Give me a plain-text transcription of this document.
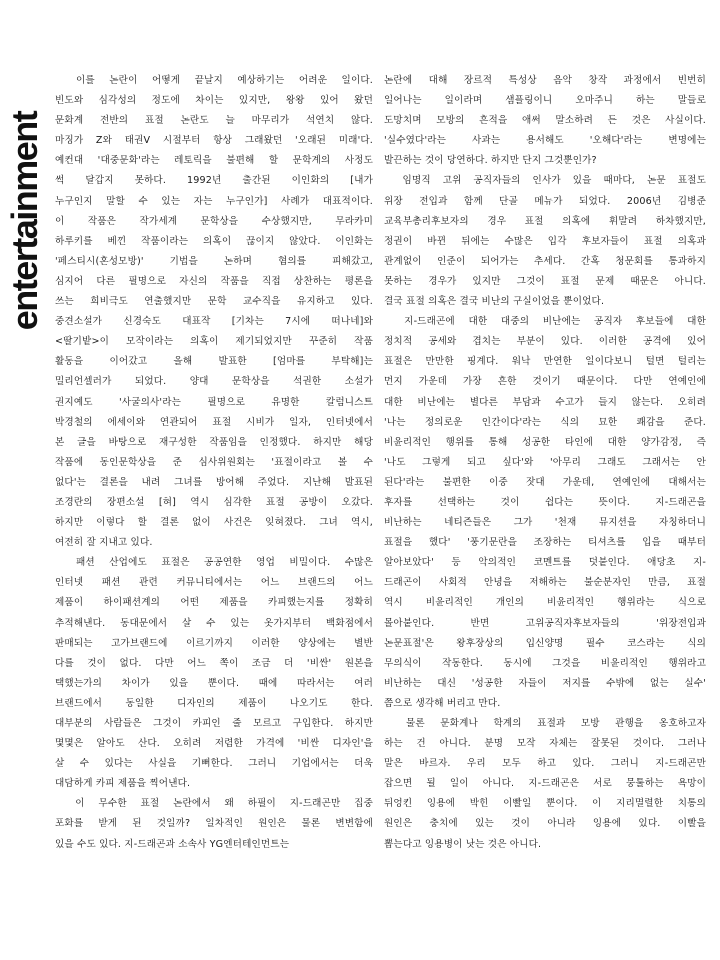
entertainment
　이를 논란이 어떻게 끝날지 예상하기는 어려운 일이다.
빈도와 심각성의 정도에 차이는 있지만, 왕왕 있어 왔던
문화계 전반의 표절 논란도 늘 마무리가 석연치 않다.
마징가 Z와 태권V 시절부터 항상 그래왔던 '오래된 미래'다.
예컨대 '대중문화'라는 레토릭을 불편해 할 문학계의 사정도
썩 달갑지 못하다. 1992년 출간된 이인화의 [내가
누구인지 말할 수 있는 자는 누구인가] 사례가 대표적이다.
이 작품은 작가세계 문학상을 수상했지만, 무라카미
하루키를 베낀 작품이라는 의혹이 끊이지 않았다. 이인화는
'페스티시(혼성모방)' 기법을 논하며 혐의를 피해갔고,
심지어 다른 필명으로 자신의 작품을 직접 상찬하는 평론을
쓰는 희비극도 연출했지만 문학 교수직을 유지하고 있다.
중견소설가 신경숙도 대표작 [기차는 7시에 떠나네]와
<딸기밭>이 모작이라는 의혹이 제기되었지만 꾸준히 작품
활동을 이어갔고 올해 발표한 [엄마를 부탁해]는
밀리언셀러가 되었다. 양대 문학상을 석권한 소설가
권지예도 '사굴의사'라는 필명으로 유명한 칼럼니스트
박경철의 에세이와 연관되어 표절 시비가 일자, 인터넷에서
본 글을 바탕으로 재구성한 작품임을 인정했다. 하지만 해당
작품에 동인문학상을 준 심사위원회는 '표절이라고 볼 수
없다'는 결론을 내려 그녀를 방어해 주었다. 지난해 발표된
조경란의 장편소설 [혀] 역시 심각한 표절 공방이 오갔다.
하지만 이렇다 할 결론 없이 사건은 잊혀졌다. 그녀 역시,
여전히 잘 지내고 있다.
　패션 산업에도 표절은 공공연한 영업 비밀이다. 수많은
인터넷 패션 관련 커뮤니티에서는 어느 브랜드의 어느
제품이 하이패션계의 어떤 제품을 카피했는지를 정확히
추적해낸다. 동대문에서 살 수 있는 옷가지부터 백화점에서
판매되는 고가브랜드에 이르기까지 이러한 양상에는 별반
다를 것이 없다. 다만 어느 쪽이 조금 더 '비싼' 원본을
택했는가의 차이가 있을 뿐이다. 때에 따라서는 여러
브랜드에서 동일한 디자인의 제품이 나오기도 한다.
대부분의 사람들은 그것이 카피인 줄 모르고 구입한다. 하지만
몇몇은 알아도 산다. 오히려 저렴한 가격에 '비싼 디자인'을
살 수 있다는 사실을 기뻐한다. 그러니 기업에서는 더욱
대담하게 카피 제품을 찍어낸다.
　이 무수한 표절 논란에서 왜 하필이 지-드래곤만 집중
포화를 받게 된 것일까? 일차적인 원인은 물론 변변함에
있을 수도 있다. 지-드래곤과 소속사 YG엔터테인먼트는
논란에 대해 장르적 특성상 음악 창작 과정에서 빈번히
일어나는 일이라며 샘플링이니 오마주니 하는 말들로
도망치며 모방의 흔적을 애써 말소하려 든 것은 사실이다.
'실수였다'라는 사과는 용서해도 '오해다'라는 변명에는
발끈하는 것이 당연하다. 하지만 단지 그것뿐인가?
　임명직 고위 공직자들의 인사가 있을 때마다, 논문 표절도
위장 전입과 함께 단골 메뉴가 되었다. 2006년 김병준
교육부총리후보자의 경우 표절 의혹에 휘말려 하차했지만,
정권이 바뀐 뒤에는 수많은 입각 후보자들이 표절 의혹과
관계없이 인준이 되어가는 추세다. 간혹 청문회를 통과하지
못하는 경우가 있지만 그것이 표절 문제 때문은 아니다.
결국 표절 의혹은 결국 비난의 구실이었을 뿐이었다.
　지-드래곤에 대한 대중의 비난에는 공직자 후보들에 대한
정치적 공세와 겹치는 부분이 있다. 이러한 공격에 있어
표절은 만만한 핑계다. 워낙 만연한 일이다보니 털면 털리는
먼지 가운데 가장 흔한 것이기 때문이다. 다만 연예인에
대한 비난에는 별다른 부담과 수고가 들지 않는다. 오히려
'나는 정의로운 인간이다'라는 식의 묘한 쾌감을 준다.
비윤리적인 행위를 통해 성공한 타인에 대한 양가감정, 즉
'나도 그렇게 되고 싶다'와 '아무리 그래도 그래서는 안
된다'라는 불편한 이중 잣대 가운데, 연예인에 대해서는
후자를 선택하는 것이 쉽다는 뜻이다. 지-드래곤을
비난하는 네티즌들은 그가 '천재 뮤지션을 자칭하더니
표절을 했다' '풍기문란을 조장하는 티셔츠를 입을 때부터
알아보았다' 등 악의적인 코멘트를 덧붙인다. 애당초 지-
드래곤이 사회적 안녕을 저해하는 불순분자인 만큼, 표절
역시 비윤리적인 개인의 비윤리적인 행위라는 식으로
몰아붙인다. 반면 고위공직자후보자들의 '위장전입과
논문표절'은 왕후장상의 입신양명 필수 코스라는 식의
무의식이 작동한다. 동시에 그것을 비윤리적인 행위라고
비난하는 대신 '성공한 자들이 저지를 수밖에 없는 실수'
쯤으로 생각해 버리고 만다.
　물론 문화계나 학계의 표절과 모방 관행을 옹호하고자
하는 건 아니다. 분명 모작 자체는 잘못된 것이다. 그러나
말은 바르자. 우리 모두 하고 있다. 그러니 지-드래곤만
잡으면 될 일이 아니다. 지-드래곤은 서로 뭉툴하는 욕망이
뒤엉킨 잉용에 박힌 이빨일 뿐이다. 이 지리멸렬한 치통의
원인은 충치에 있는 것이 아니라 잉용에 있다. 이빨을
뽑는다고 잉용병이 낫는 것은 아니다.
